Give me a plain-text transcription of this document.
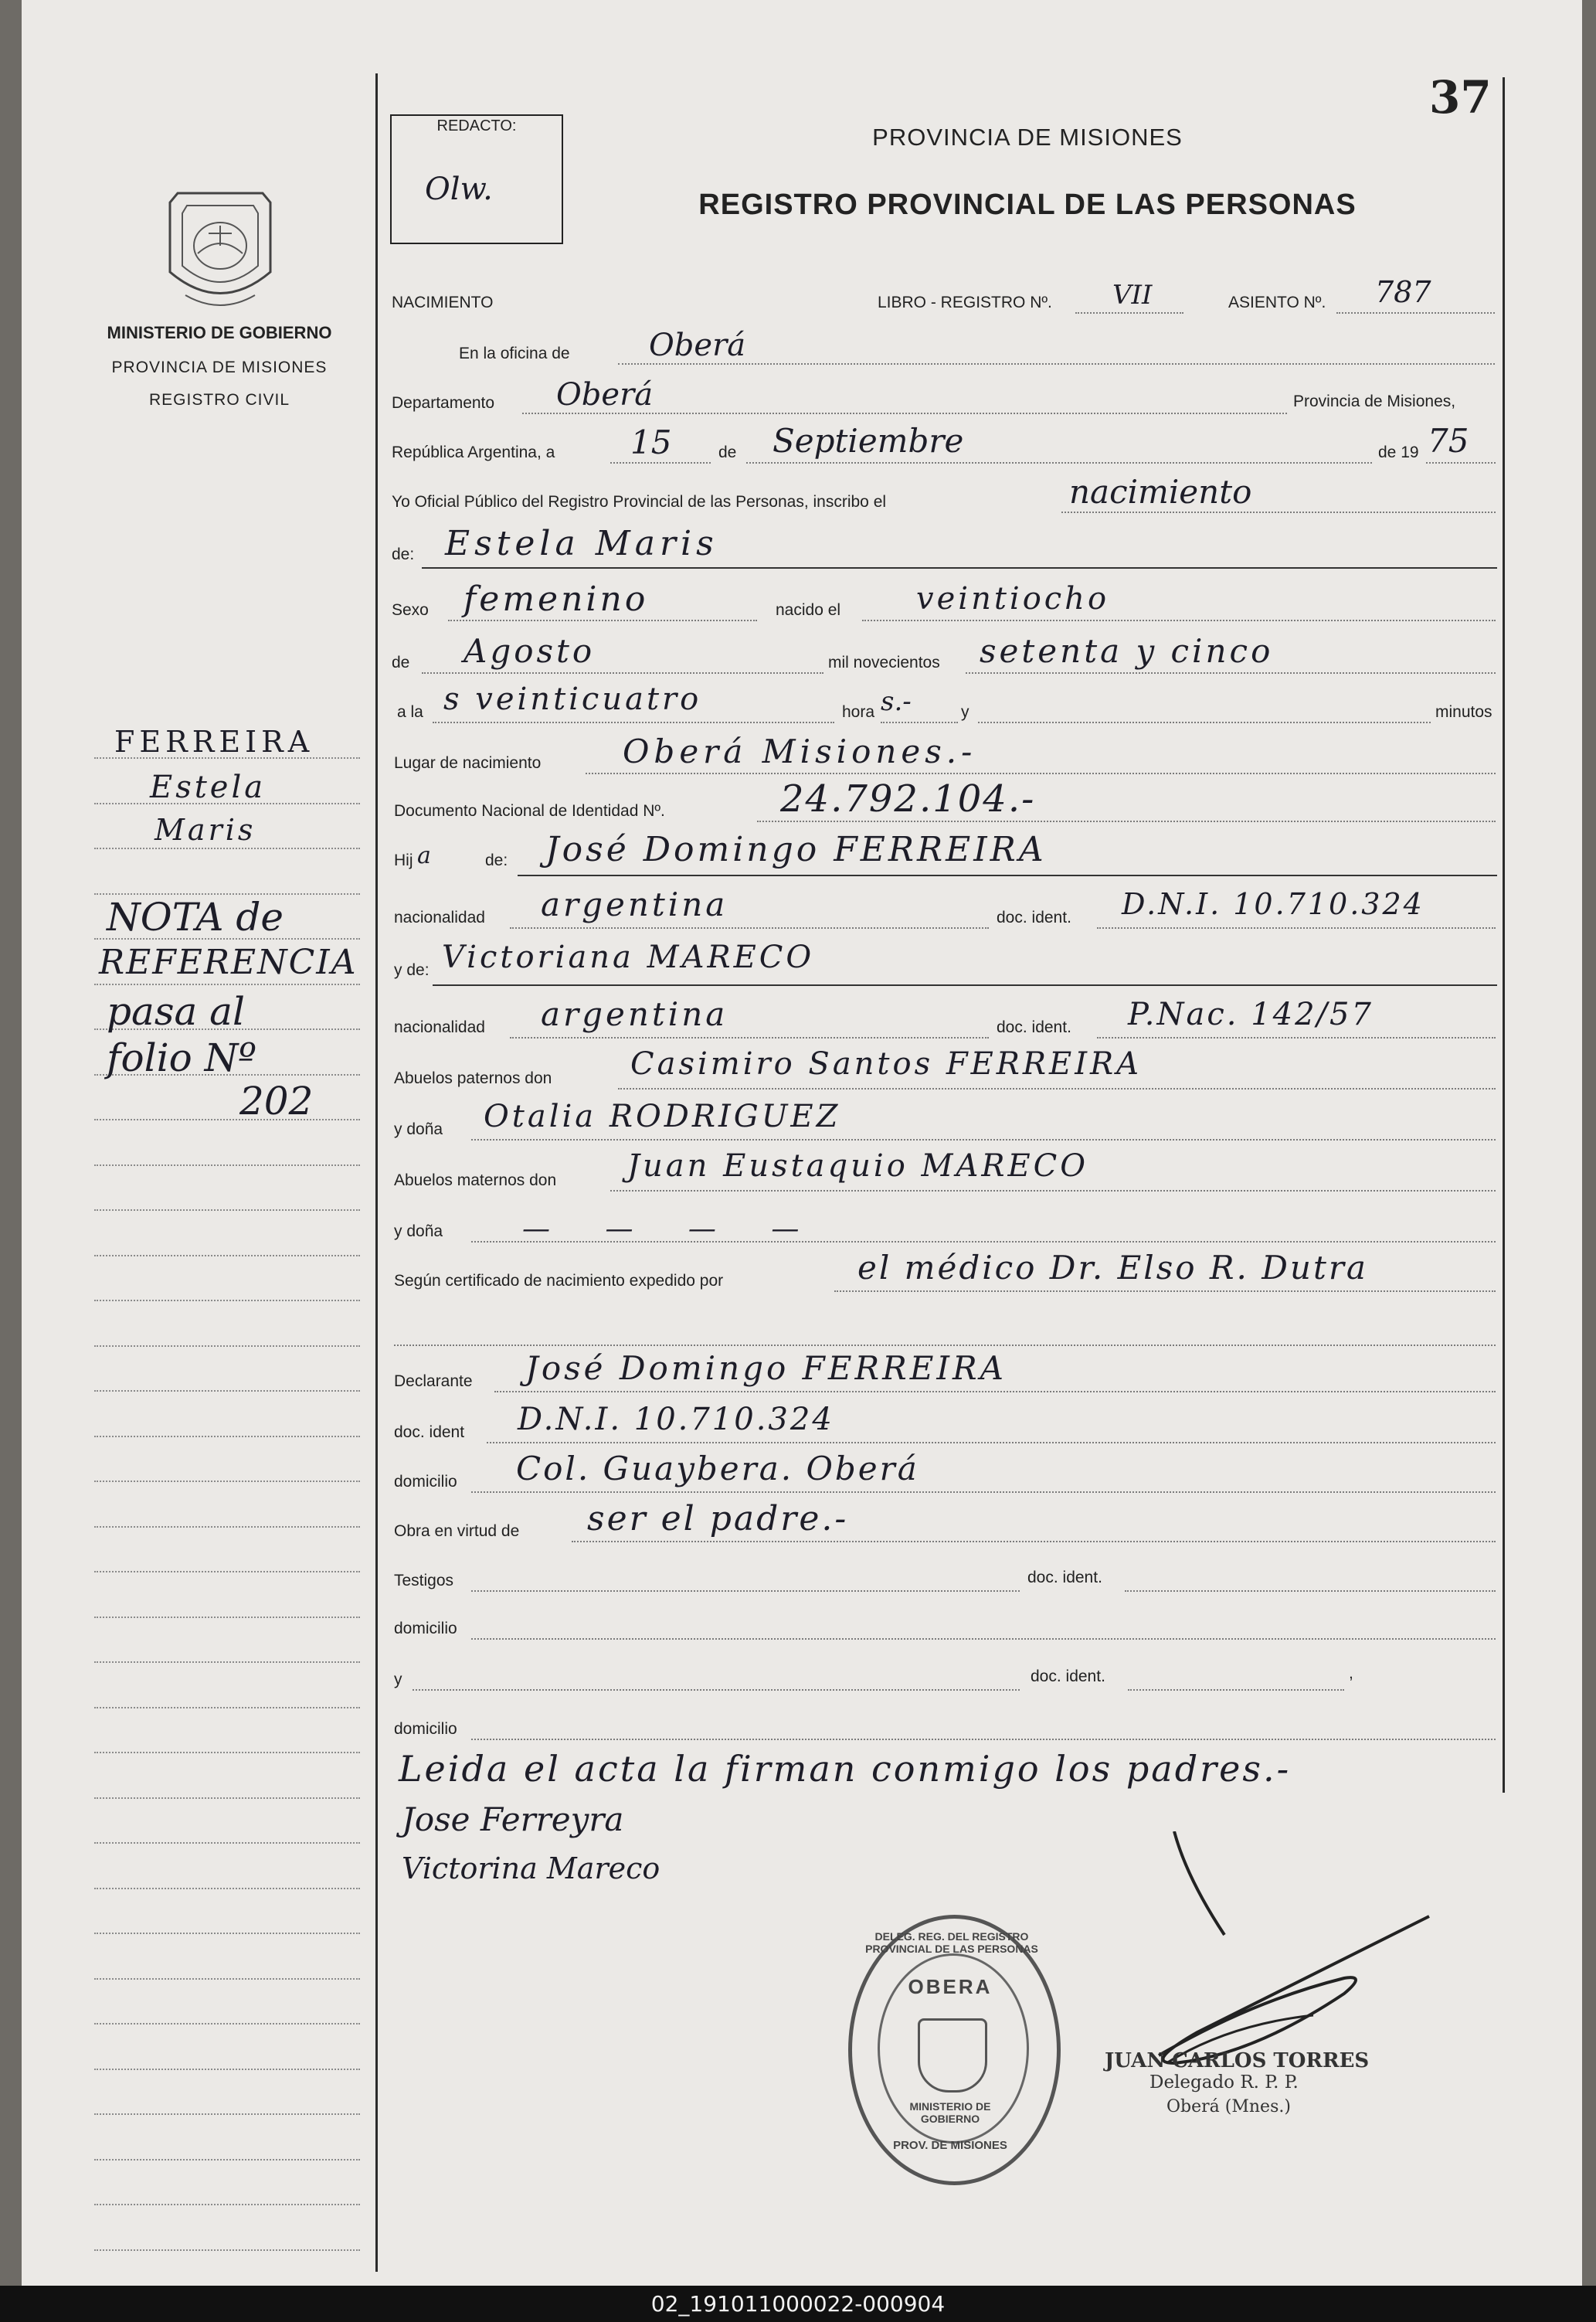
37
MINISTERIO DE GOBIERNO
PROVINCIA DE MISIONES
REGISTRO CIVIL
REDACTO:
Olw.
PROVINCIA DE MISIONES
REGISTRO PROVINCIAL DE LAS PERSONAS
NACIMIENTO	LIBRO - REGISTRO Nº. VII	ASIENTO Nº. 787
En la oficina de	Oberá
Departamento Oberá	Provincia de Misiones,
República Argentina, a 15	de Septiembre	de 19 75
Yo Oficial Público del Registro Provincial de las Personas, inscribo el	nacimiento
de: Estela Maris
Sexo femenino	nacido el veintiocho
de Agosto	mil novecientos setenta y cinco
a la s veinticuatro	hora s.-	y	minutos
Lugar de nacimiento	Oberá Misiones.-
Documento Nacional de Identidad Nº.	24.792.104.-
Hij a	de: José Domingo FERREIRA
nacionalidad argentina	doc. ident. D.N.I. 10.710.324
y de: Victoriana MARECO
nacionalidad argentina	doc. ident. P.Nac. 142/57
Abuelos paternos don	Casimiro Santos FERREIRA
y doña Otalia RODRIGUEZ
Abuelos maternos don Juan Eustaquio MARECO
y doña	— — — —
Según certificado de nacimiento expedido por	el médico Dr. Elso R. Dutra
Declarante José Domingo FERREIRA
doc. ident D.N.I. 10.710.324
domicilio Col. Guaybera. Oberá
Obra en virtud de ser el padre.-
Testigos	doc. ident.
domicilio
y	doc. ident.	,
domicilio
Leida el acta la firman conmigo los padres.-
Jose Ferreyra
Victorina Mareco
DELEG. REG. DEL REGISTRO PROVINCIAL DE LAS PERSONAS
OBERA
MINISTERIO DE GOBIERNO
PROV. DE MISIONES
JUAN CARLOS TORRES
Delegado R. P. P.
Oberá (Mnes.)
FERREIRA
Estela
Maris
NOTA de
REFERENCIA
pasa al
folio Nº
202
02_191011000022-000904
